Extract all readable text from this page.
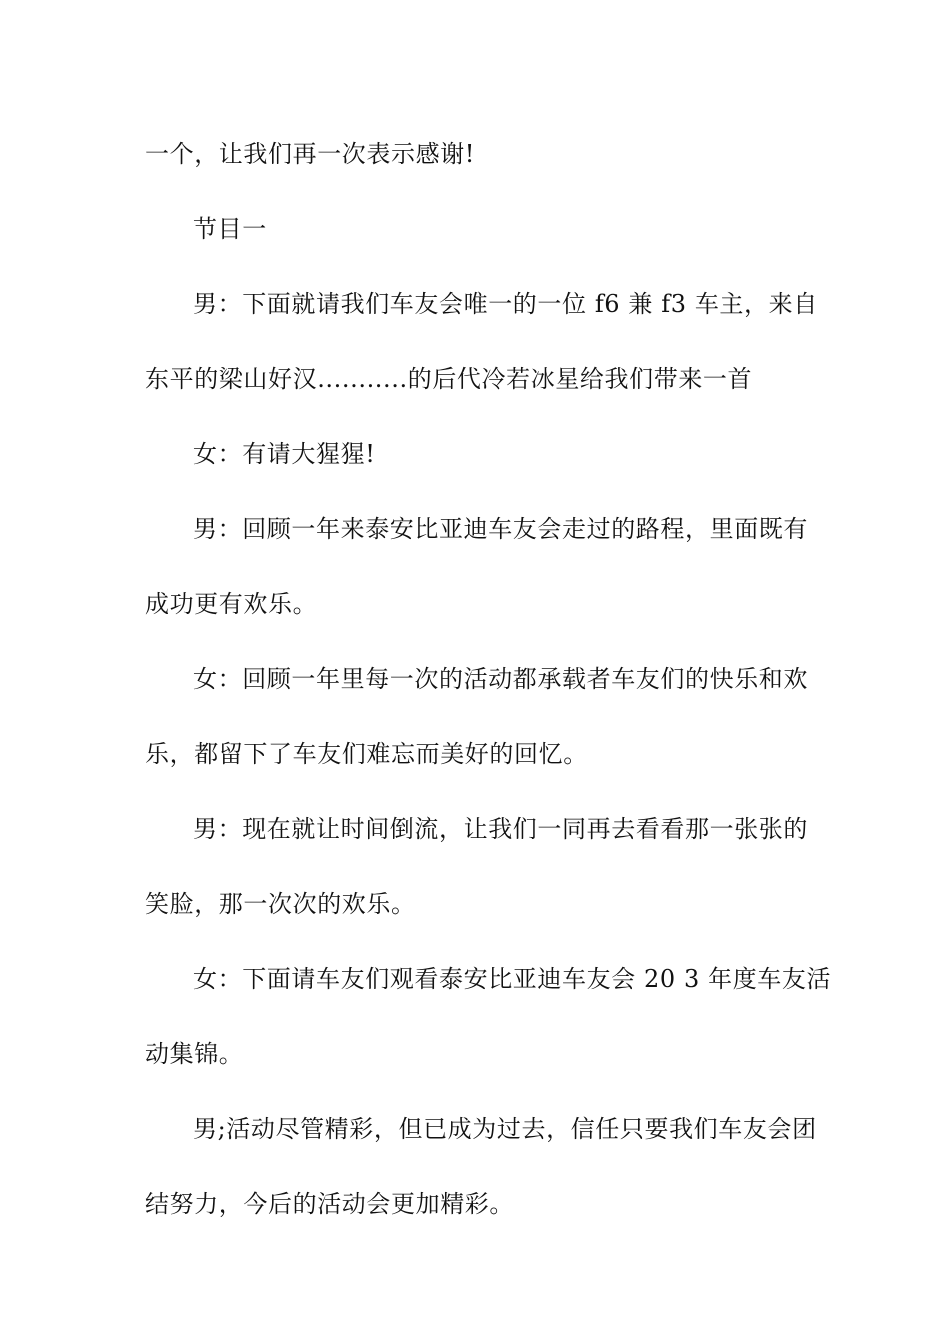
一个，让我们再一次表示感谢!
节目一
男：下面就请我们车友会唯一的一位 f6 兼 f3 车主，来自
东平的梁山好汉...........的后代冷若冰星给我们带来一首
女：有请大猩猩!
男：回顾一年来泰安比亚迪车友会走过的路程，里面既有
成功更有欢乐。
女：回顾一年里每一次的活动都承载者车友们的快乐和欢
乐，都留下了车友们难忘而美好的回忆。
男：现在就让时间倒流，让我们一同再去看看那一张张的
笑脸，那一次次的欢乐。
女：下面请车友们观看泰安比亚迪车友会 20 3 年度车友活
动集锦。
男;活动尽管精彩，但已成为过去，信任只要我们车友会团
结努力，今后的活动会更加精彩。
